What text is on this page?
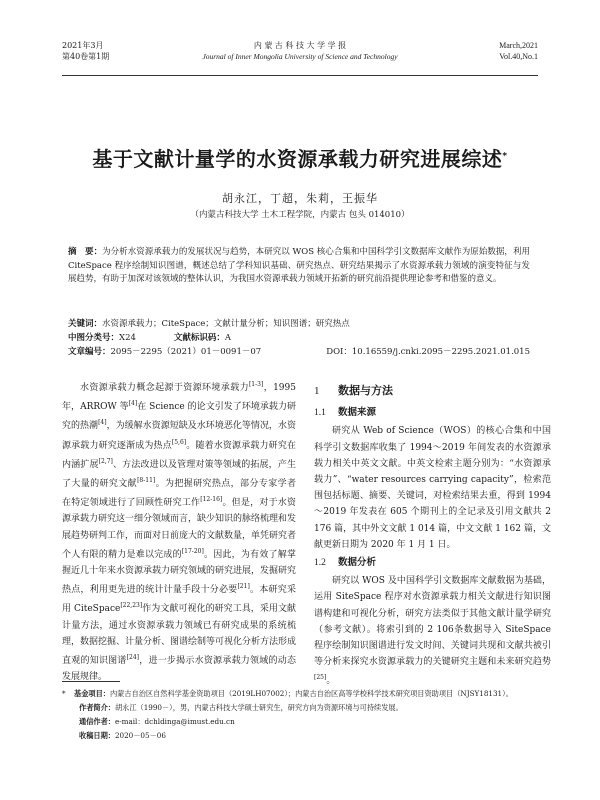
2021年3月
第40卷第1期
内 蒙 古 科 技 大 学 学 报
Journal of Inner Mongolia University of Science and Technology
March,2021
Vol.40,No.1
基于文献计量学的水资源承载力研究进展综述*
胡永江，丁超，朱莉，王振华
（内蒙古科技大学 土木工程学院，内蒙古 包头 014010）
摘　要：为分析水资源承载力的发展状况与趋势，本研究以 WOS 核心合集和中国科学引文数据库文献作为原始数据，利用 CiteSpace 程序绘制知识图谱，概述总结了学科知识基础、研究热点、研究结果揭示了水资源承载力领域的演变特征与发展趋势，有助于加深对该领域的整体认识，为我国水资源承载力领域开拓新的研究前沿提供理论参考和借鉴的意义。
关键词：水资源承载力；CiteSpace；文献计量分析；知识图谱；研究热点
中图分类号：X24	文献标识码：A
文章编号：2095－2295（2021）01－0091－07	DOI：10.16559/j.cnki.2095－2295.2021.01.015

水资源承载力概念起源于资源环境承载力[1-3]，1995 年，ARROW 等[4]在 Science 的论文引发了环境承载力研究的热潮[4]，为缓解水资源短缺及水环境恶化等情况，水资源承载力研究逐渐成为热点[5,6]。随着水资源承载力研究在内涵扩展[2,7]、方法改进以及管理对策等领域的拓展，产生了大量的研究文献[8-11]。为把握研究热点，部分专家学者在特定领域进行了回顾性研究工作[12-16]。但是，对于水资源承载力研究这一细分领域而言，缺少知识的脉络梳理和发展趋势研判工作，而面对日前庞大的文献数量，单凭研究者个人有限的精力是难以完成的[17-20]。因此，为有效了解掌握近几十年来水资源承载力研究领域的研究进展，发掘研究热点，利用更先进的统计计量手段十分必要[21]。本研究采用 CiteSpace[22,23]作为文献可视化的研究工具，采用文献计量方法，通过水资源承载力领域已有研究成果的系统梳理，数据挖掘、计量分析、图谱绘制等可视化分析方法形成直观的知识图谱[24]，进一步揭示水资源承载力领域的动态发展规律。

1 数据与方法
1.1 数据来源

研究从 Web of Science（WOS）的核心合集和中国科学引文数据库收集了 1994～2019 年间发表的水资源承载力相关中英文文献。中英文检索主题分别为：“水资源承载力”、“water resources carrying capacity”，检索范围包括标题、摘要、关键词，对检索结果去重，得到 1994～2019 年发表在 605 个期刊上的全记录及引用文献共 2 176 篇，其中外文文献 1 014 篇，中文文献 1 162 篇，文献更新日期为 2020 年 1 月 1 日。

1.2 数据分析

研究以 WOS 及中国科学引文数据库文献数据为基础，运用 SiteSpace 程序对水资源承载力相关文献进行知识图谱构建和可视化分析，研究方法类似于其他文献计量学研究（参考文献）。将索引到的 2 106条数据导入 SiteSpace 程序绘制知识图谱进行发文时间、关键词共现和文献共被引等分析来探究水资源承载力的关键研究主题和未来研究趋势[25]。

* 基金项目：内蒙古自治区自然科学基金资助项目（2019LH07002）；内蒙古自治区高等学校科学技术研究项目资助项目（NJSY18131）。
作者简介：胡永江（1990－），男，内蒙古科技大学硕士研究生，研究方向为资源环境与可持续发展。
通信作者：e-mail：dchldinga@imust.edu.cn
收稿日期：2020－05－06
